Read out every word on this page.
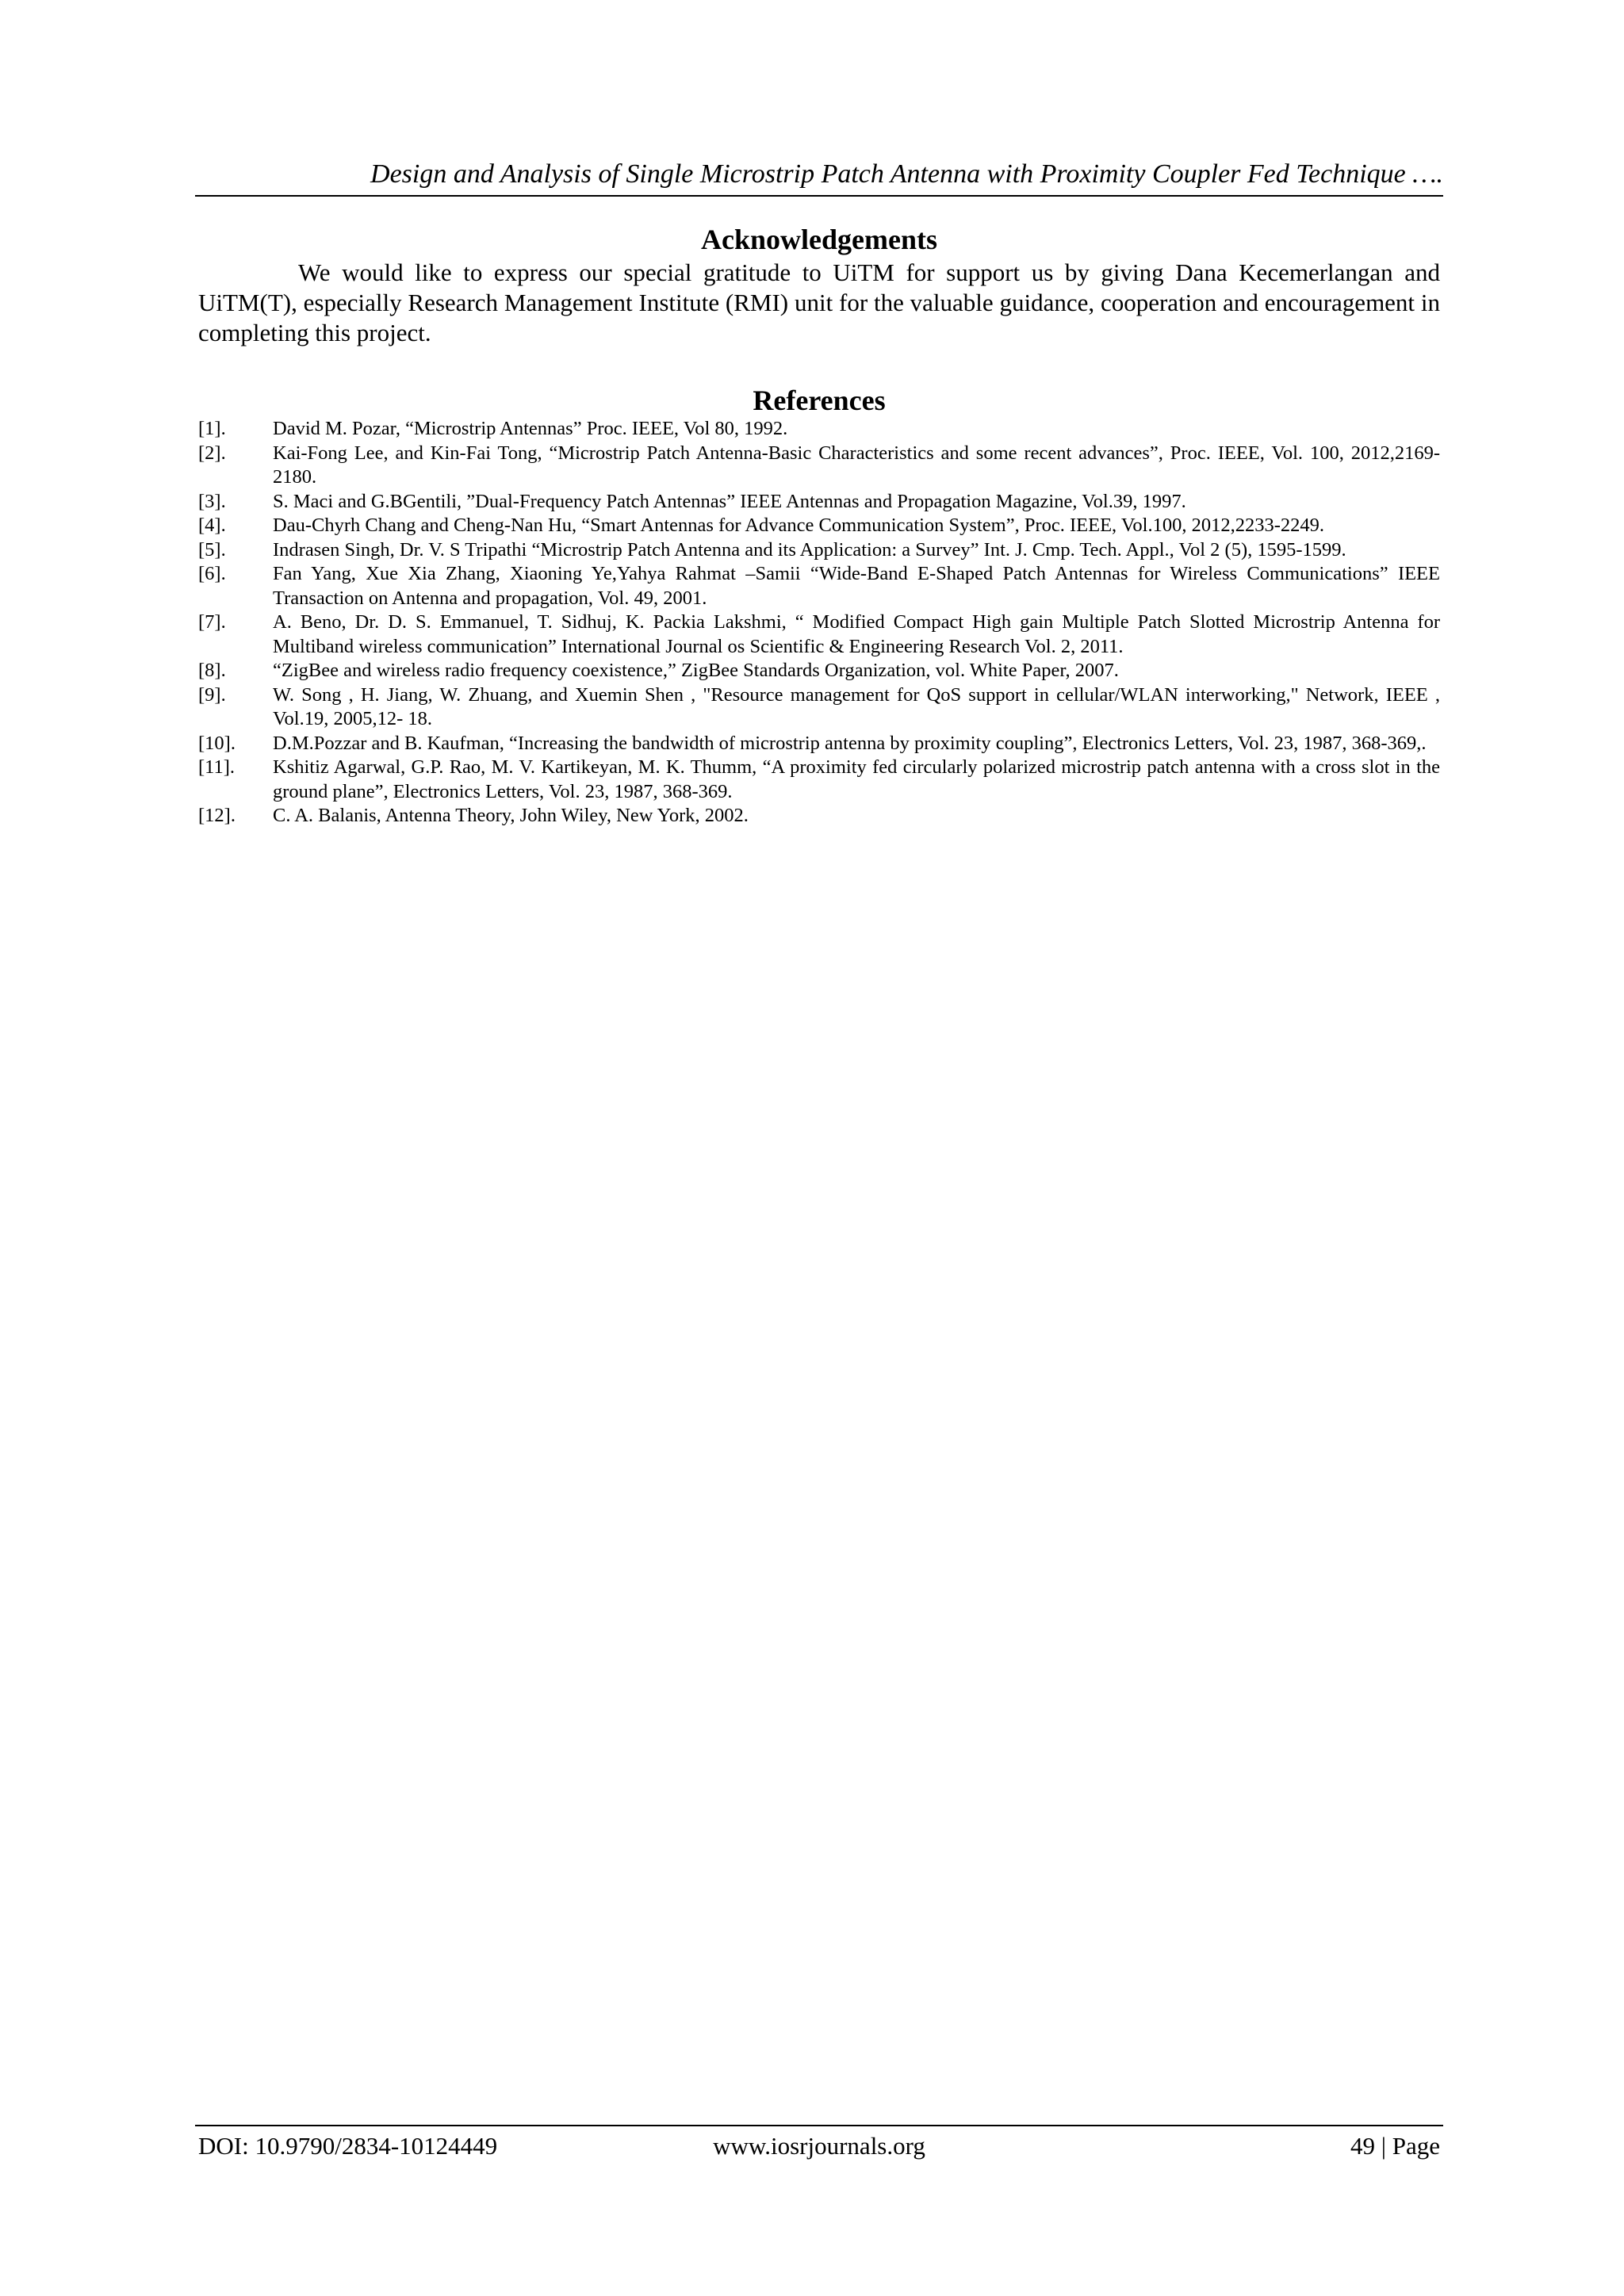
Design and Analysis of Single Microstrip Patch Antenna with Proximity Coupler Fed Technique ….
Acknowledgements

We would like to express our special gratitude to UiTM for support us by giving Dana Kecemerlangan and UiTM(T), especially Research Management Institute (RMI) unit for the valuable guidance, cooperation and encouragement in completing this project.

References
[1].	David M. Pozar, “Microstrip Antennas” Proc. IEEE, Vol 80, 1992.
[2].	Kai-Fong Lee, and Kin-Fai Tong, “Microstrip Patch Antenna-Basic Characteristics and some recent advances”, Proc. IEEE, Vol. 100, 2012,2169-2180.
[3].	S. Maci and G.BGentili, ”Dual-Frequency Patch Antennas” IEEE Antennas and Propagation Magazine, Vol.39, 1997.
[4].	Dau-Chyrh Chang and Cheng-Nan Hu, “Smart Antennas for Advance Communication System”, Proc. IEEE, Vol.100, 2012,2233-2249.
[5].	Indrasen Singh, Dr. V. S Tripathi “Microstrip Patch Antenna and its Application: a Survey” Int. J. Cmp. Tech. Appl., Vol 2 (5), 1595-1599.
[6].	Fan Yang, Xue Xia Zhang, Xiaoning Ye,Yahya Rahmat –Samii “Wide-Band E-Shaped Patch Antennas for Wireless Communications” IEEE Transaction on Antenna and propagation, Vol. 49, 2001.
[7].	A. Beno, Dr. D. S. Emmanuel, T. Sidhuj, K. Packia Lakshmi, “ Modified Compact High gain Multiple Patch Slotted Microstrip Antenna for Multiband wireless communication” International Journal os Scientific & Engineering Research Vol. 2, 2011.
[8].	“ZigBee and wireless radio frequency coexistence,” ZigBee Standards Organization, vol. White Paper, 2007.
[9].	W. Song , H. Jiang, W. Zhuang, and Xuemin Shen , "Resource management for QoS support in cellular/WLAN interworking," Network, IEEE , Vol.19, 2005,12- 18.
[10].	D.M.Pozzar and B. Kaufman, “Increasing the bandwidth of microstrip antenna by proximity coupling”, Electronics Letters, Vol. 23, 1987, 368-369,.
[11].	Kshitiz Agarwal, G.P. Rao, M. V. Kartikeyan, M. K. Thumm, “A proximity fed circularly polarized microstrip patch antenna with a cross slot in the ground plane”, Electronics Letters, Vol. 23, 1987, 368-369.
[12].	C. A. Balanis, Antenna Theory, John Wiley, New York, 2002.
DOI: 10.9790/2834-10124449	www.iosrjournals.org	49 | Page
